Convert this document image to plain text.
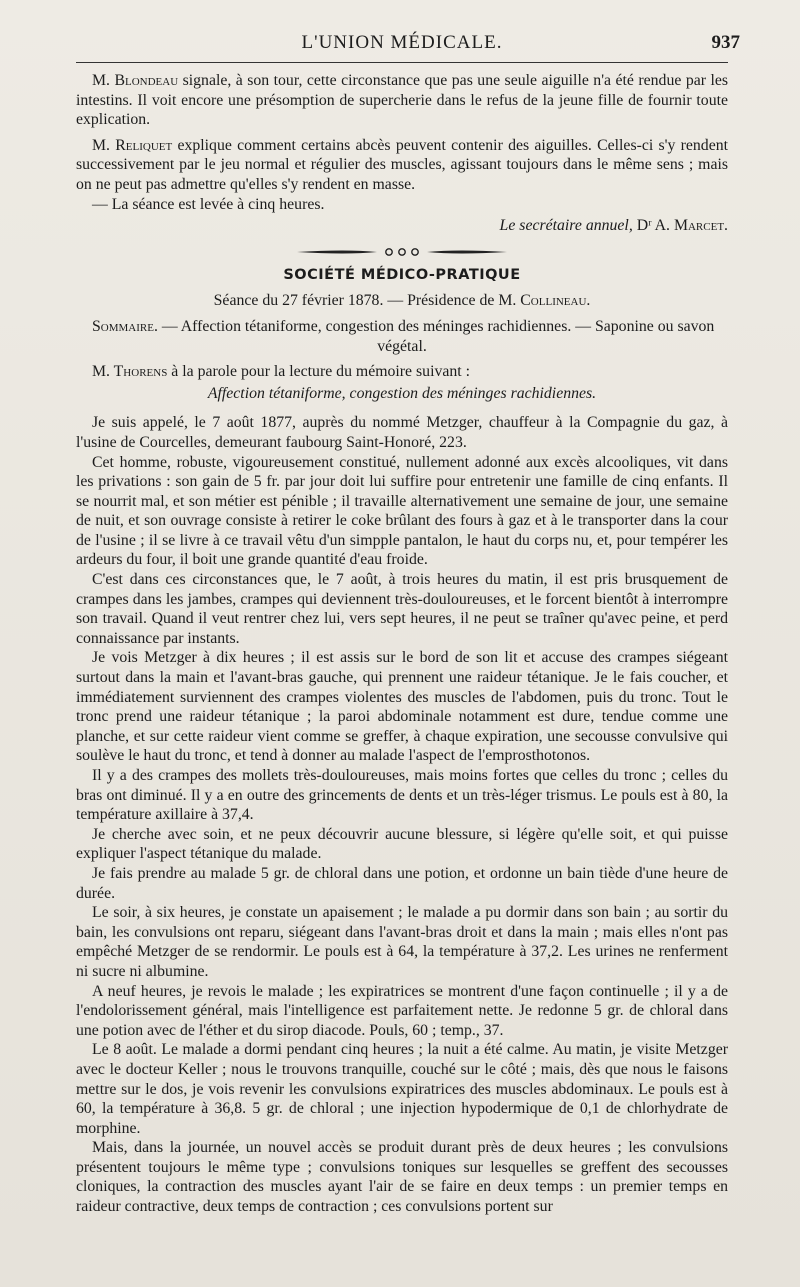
L'UNION MÉDICALE.	937

M. Blondeau signale, à son tour, cette circonstance que pas une seule aiguille n'a été rendue par les intestins. Il voit encore une présomption de supercherie dans le refus de la jeune fille de fournir toute explication.

M. Reliquet explique comment certains abcès peuvent contenir des aiguilles. Celles-ci s'y rendent successivement par le jeu normal et régulier des muscles, agissant toujours dans le même sens ; mais on ne peut pas admettre qu'elles s'y rendent en masse.

— La séance est levée à cinq heures.

Le secrétaire annuel, Dʳ A. Marcet.

SOCIÉTÉ MÉDICO-PRATIQUE

Séance du 27 février 1878. — Présidence de M. Collineau.

Sommaire. — Affection tétaniforme, congestion des méninges rachidiennes. — Saponine ou savon

végétal.

M. Thorens à la parole pour la lecture du mémoire suivant :

Affection tétaniforme, congestion des méninges rachidiennes.

Je suis appelé, le 7 août 1877, auprès du nommé Metzger, chauffeur à la Compagnie du gaz, à l'usine de Courcelles, demeurant faubourg Saint-Honoré, 223.

Cet homme, robuste, vigoureusement constitué, nullement adonné aux excès alcooliques, vit dans les privations : son gain de 5 fr. par jour doit lui suffire pour entretenir une famille de cinq enfants. Il se nourrit mal, et son métier est pénible ; il travaille alternativement une semaine de jour, une semaine de nuit, et son ouvrage consiste à retirer le coke brûlant des fours à gaz et à le transporter dans la cour de l'usine ; il se livre à ce travail vêtu d'un simpple pantalon, le haut du corps nu, et, pour tempérer les ardeurs du four, il boit une grande quantité d'eau froide.

C'est dans ces circonstances que, le 7 août, à trois heures du matin, il est pris brusquement de crampes dans les jambes, crampes qui deviennent très-douloureuses, et le forcent bientôt à interrompre son travail. Quand il veut rentrer chez lui, vers sept heures, il ne peut se traîner qu'avec peine, et perd connaissance par instants.

Je vois Metzger à dix heures ; il est assis sur le bord de son lit et accuse des crampes siégeant surtout dans la main et l'avant-bras gauche, qui prennent une raideur tétanique. Je le fais coucher, et immédiatement surviennent des crampes violentes des muscles de l'abdomen, puis du tronc. Tout le tronc prend une raideur tétanique ; la paroi abdominale notamment est dure, tendue comme une planche, et sur cette raideur vient comme se greffer, à chaque expiration, une secousse convulsive qui soulève le haut du tronc, et tend à donner au malade l'aspect de l'emprosthotonos.

Il y a des crampes des mollets très-douloureuses, mais moins fortes que celles du tronc ; celles du bras ont diminué. Il y a en outre des grincements de dents et un très-léger trismus. Le pouls est à 80, la température axillaire à 37,4.

Je cherche avec soin, et ne peux découvrir aucune blessure, si légère qu'elle soit, et qui puisse expliquer l'aspect tétanique du malade.

Je fais prendre au malade 5 gr. de chloral dans une potion, et ordonne un bain tiède d'une heure de durée.

Le soir, à six heures, je constate un apaisement ; le malade a pu dormir dans son bain ; au sortir du bain, les convulsions ont reparu, siégeant dans l'avant-bras droit et dans la main ; mais elles n'ont pas empêché Metzger de se rendormir. Le pouls est à 64, la température à 37,2. Les urines ne renferment ni sucre ni albumine.

A neuf heures, je revois le malade ; les expiratrices se montrent d'une façon continuelle ; il y a de l'endolorissement général, mais l'intelligence est parfaitement nette. Je redonne 5 gr. de chloral dans une potion avec de l'éther et du sirop diacode. Pouls, 60 ; temp., 37.

Le 8 août. Le malade a dormi pendant cinq heures ; la nuit a été calme. Au matin, je visite Metzger avec le docteur Keller ; nous le trouvons tranquille, couché sur le côté ; mais, dès que nous le faisons mettre sur le dos, je vois revenir les convulsions expiratrices des muscles abdominaux. Le pouls est à 60, la température à 36,8. 5 gr. de chloral ; une injection hypodermique de 0,1 de chlorhydrate de morphine.

Mais, dans la journée, un nouvel accès se produit durant près de deux heures ; les convulsions présentent toujours le même type ; convulsions toniques sur lesquelles se greffent des secousses cloniques, la contraction des muscles ayant l'air de se faire en deux temps : un premier temps en raideur contractive, deux temps de contraction ; ces convulsions portent sur
